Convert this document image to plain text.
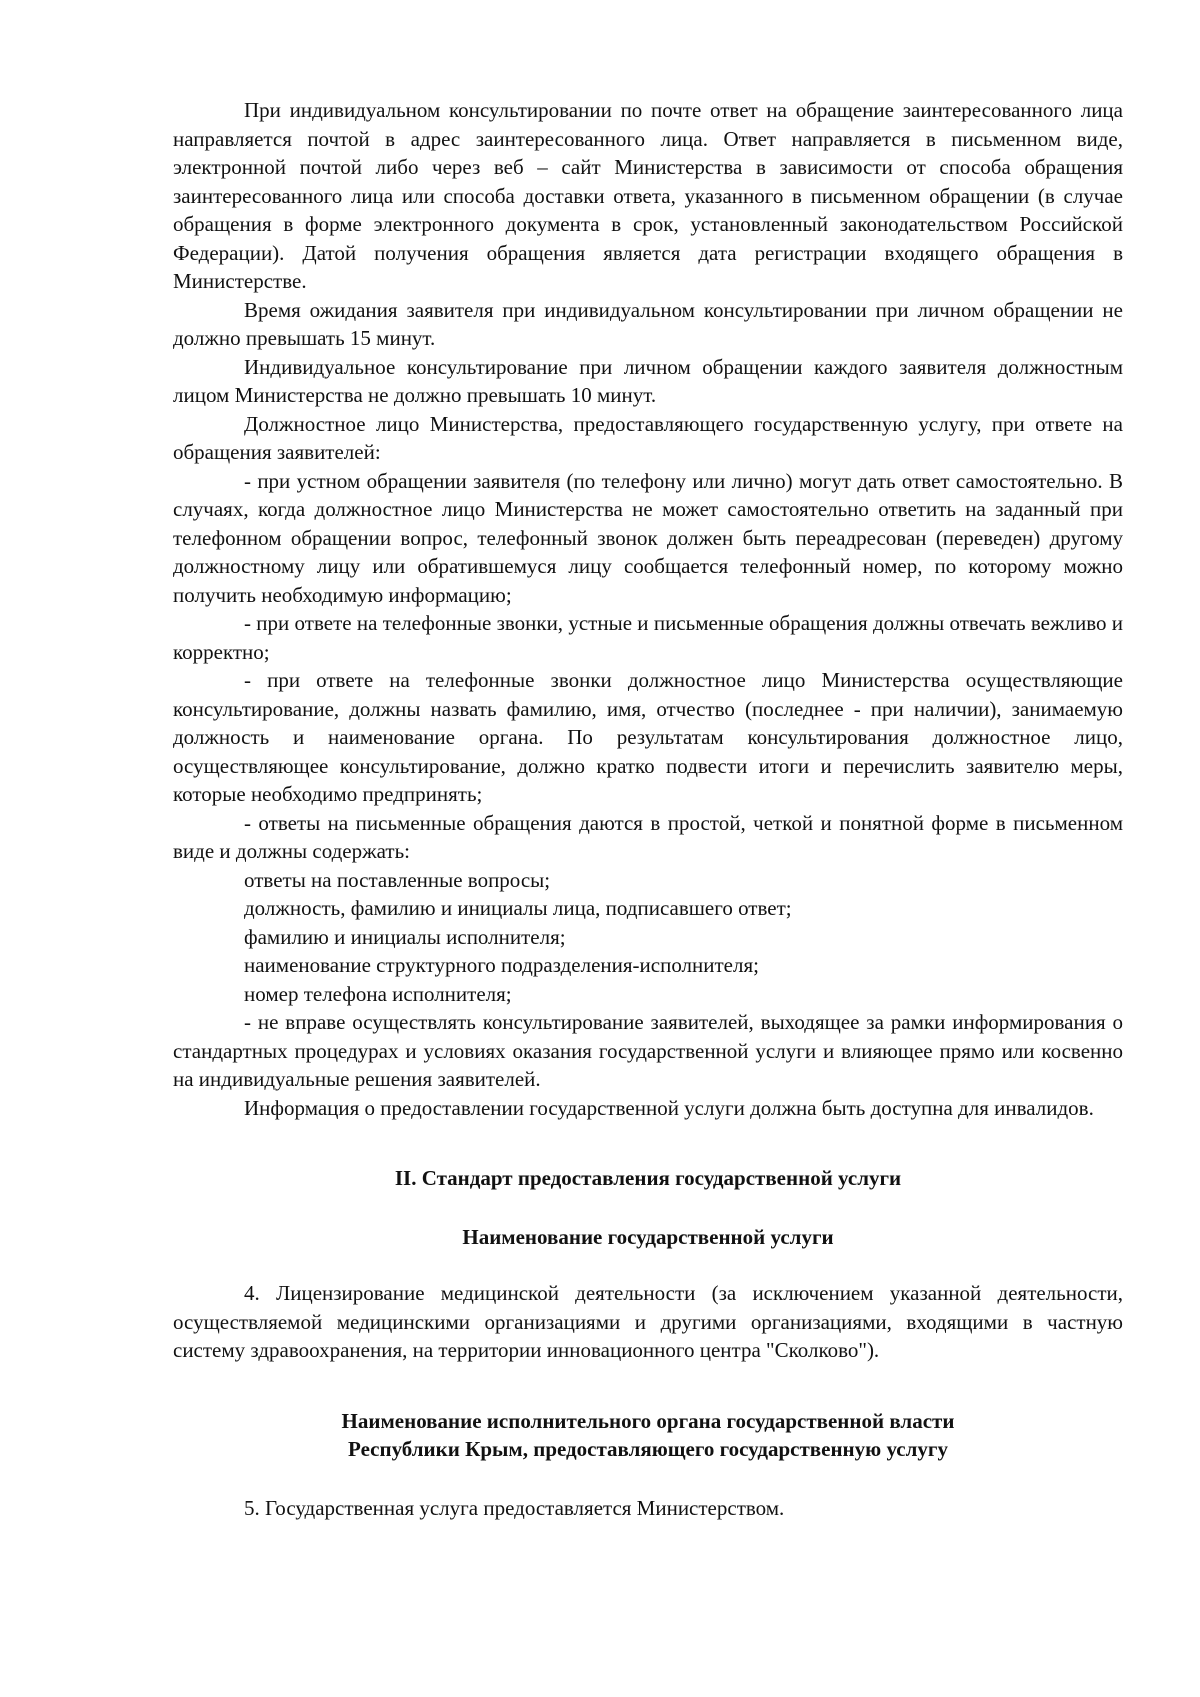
При индивидуальном консультировании по почте ответ на обращение заинтересованного лица направляется почтой в адрес заинтересованного лица. Ответ направляется в письменном виде, электронной почтой либо через веб – сайт Министерства в зависимости от способа обращения заинтересованного лица или способа доставки ответа, указанного в письменном обращении (в случае обращения в форме электронного документа в срок, установленный законодательством Российской Федерации). Датой получения обращения является дата регистрации входящего обращения в Министерстве.

Время ожидания заявителя при индивидуальном консультировании при личном обращении не должно превышать 15 минут.

Индивидуальное консультирование при личном обращении каждого заявителя должностным лицом Министерства не должно превышать 10 минут.

Должностное лицо Министерства, предоставляющего государственную услугу, при ответе на обращения заявителей:

- при устном обращении заявителя (по телефону или лично) могут дать ответ самостоятельно. В случаях, когда должностное лицо Министерства не может самостоятельно ответить на заданный при телефонном обращении вопрос, телефонный звонок должен быть переадресован (переведен) другому должностному лицу или обратившемуся лицу сообщается телефонный номер, по которому можно получить необходимую информацию;

- при ответе на телефонные звонки, устные и письменные обращения должны отвечать вежливо и корректно;

- при ответе на телефонные звонки должностное лицо Министерства осуществляющие консультирование, должны назвать фамилию, имя, отчество (последнее - при наличии), занимаемую должность и наименование органа. По результатам консультирования должностное лицо, осуществляющее консультирование, должно кратко подвести итоги и перечислить заявителю меры, которые необходимо предпринять;

- ответы на письменные обращения даются в простой, четкой и понятной форме в письменном виде и должны содержать:

ответы на поставленные вопросы;

должность, фамилию и инициалы лица, подписавшего ответ;

фамилию и инициалы исполнителя;

наименование структурного подразделения-исполнителя;

номер телефона исполнителя;

- не вправе осуществлять консультирование заявителей, выходящее за рамки информирования о стандартных процедурах и условиях оказания государственной услуги и влияющее прямо или косвенно на индивидуальные решения заявителей.

Информация о предоставлении государственной услуги должна быть доступна для инвалидов.

II. Стандарт предоставления государственной услуги

Наименование государственной услуги

4. Лицензирование медицинской деятельности (за исключением указанной деятельности, осуществляемой медицинскими организациями и другими организациями, входящими в частную систему здравоохранения, на территории инновационного центра "Сколково").

Наименование исполнительного органа государственной власти

Республики Крым, предоставляющего государственную услугу

5. Государственная услуга предоставляется Министерством.
